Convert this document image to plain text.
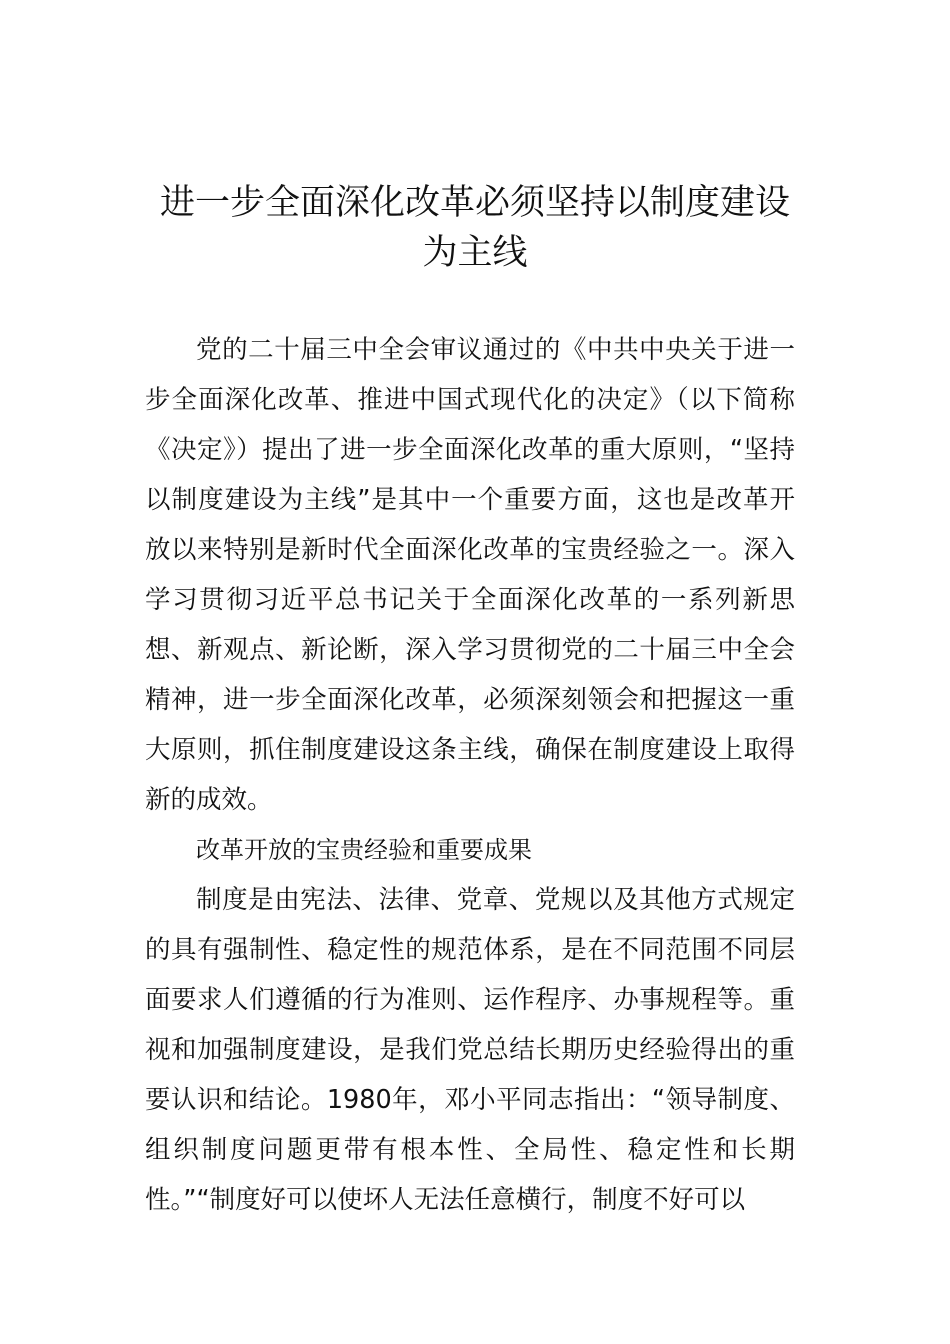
进一步全面深化改革必须坚持以制度建设为主线

党的二十届三中全会审议通过的《中共中央关于进一步全面深化改革、推进中国式现代化的决定》（以下简称《决定》）提出了进一步全面深化改革的重大原则，“坚持以制度建设为主线”是其中一个重要方面，这也是改革开放以来特别是新时代全面深化改革的宝贵经验之一。深入学习贯彻习近平总书记关于全面深化改革的一系列新思想、新观点、新论断，深入学习贯彻党的二十届三中全会精神，进一步全面深化改革，必须深刻领会和把握这一重大原则，抓住制度建设这条主线，确保在制度建设上取得新的成效。

改革开放的宝贵经验和重要成果

制度是由宪法、法律、党章、党规以及其他方式规定的具有强制性、稳定性的规范体系，是在不同范围不同层面要求人们遵循的行为准则、运作程序、办事规程等。重视和加强制度建设，是我们党总结长期历史经验得出的重要认识和结论。1980年，邓小平同志指出：“领导制度、组织制度问题更带有根本性、全局性、稳定性和长期性。”“制度好可以使坏人无法任意横行，制度不好可以
